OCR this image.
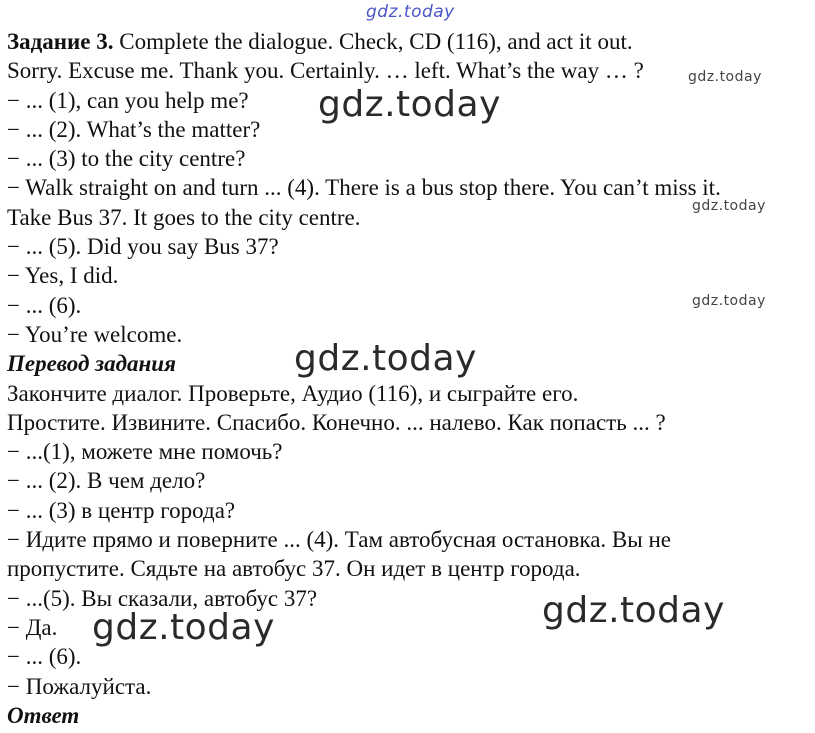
gdz.today
gdz.today
gdz.today
gdz.today
gdz.today
gdz.today
gdz.today
gdz.today

Задание 3. Complete the dialogue. Check, CD (116), and act it out.

Sorry. Excuse me. Thank you. Certainly. … left. What’s the way … ?

− ... (1), can you help me?

− ... (2). What’s the matter?

− ... (3) to the city centre?

− Walk straight on and turn ... (4). There is a bus stop there. You can’t miss it.

Take Bus 37. It goes to the city centre.

− ... (5). Did you say Bus 37?

− Yes, I did.

− ... (6).

− You’re welcome.

Перевод задания

Закончите диалог. Проверьте, Аудио (116), и сыграйте его.

Простите. Извините. Спасибо. Конечно. ... налево. Как попасть ... ?

− ...(1), можете мне помочь?

− ... (2). В чем дело?

− ... (3) в центр города?

− Идите прямо и поверните ... (4). Там автобусная остановка. Вы не

пропустите. Сядьте на автобус 37. Он идет в центр города.

− ...(5). Вы сказали, автобус 37?

− Да.

− ... (6).

− Пожалуйста.

Ответ
